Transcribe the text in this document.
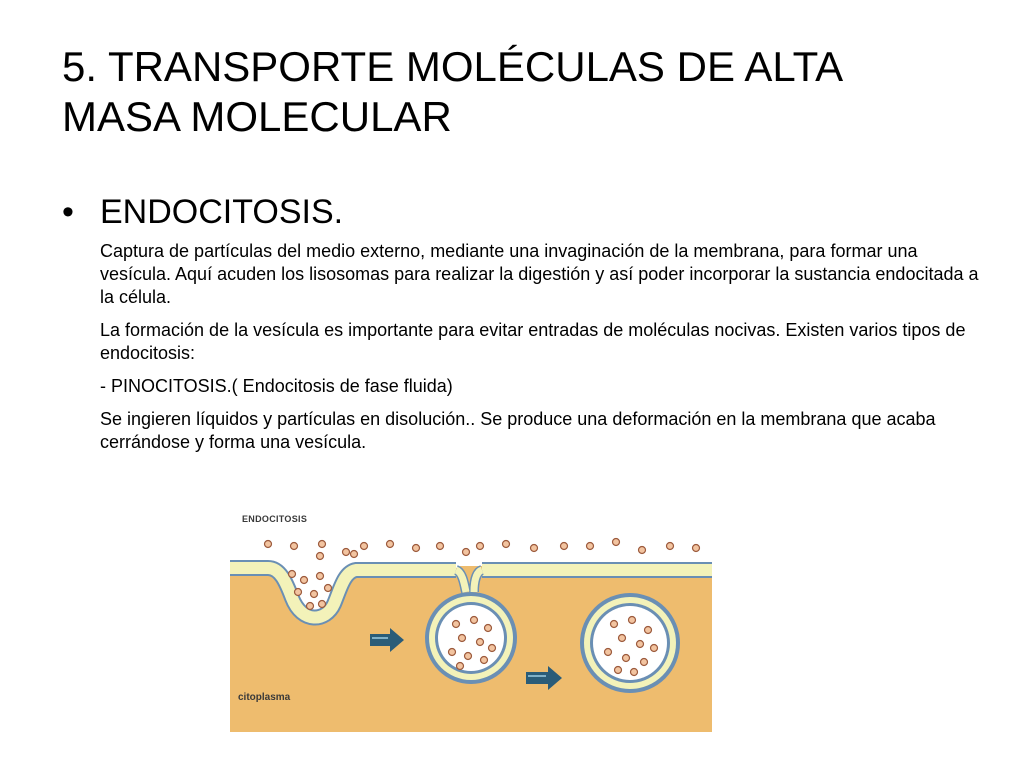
5. TRANSPORTE MOLÉCULAS DE ALTA MASA MOLECULAR
• ENDOCITOSIS.

Captura de partículas del medio externo, mediante una invaginación de la membrana, para formar una vesícula. Aquí acuden los lisosomas para realizar la digestión y así poder incorporar la sustancia endocitada a la célula.

La formación de la vesícula es importante para evitar entradas de moléculas nocivas. Existen varios tipos de endocitosis:

- PINOCITOSIS.( Endocitosis de fase fluida)

Se ingieren líquidos y partículas en disolución.. Se produce una deformación en la membrana que acaba cerrándose y forma una vesícula.

ENDOCITOSIS
citoplasma
